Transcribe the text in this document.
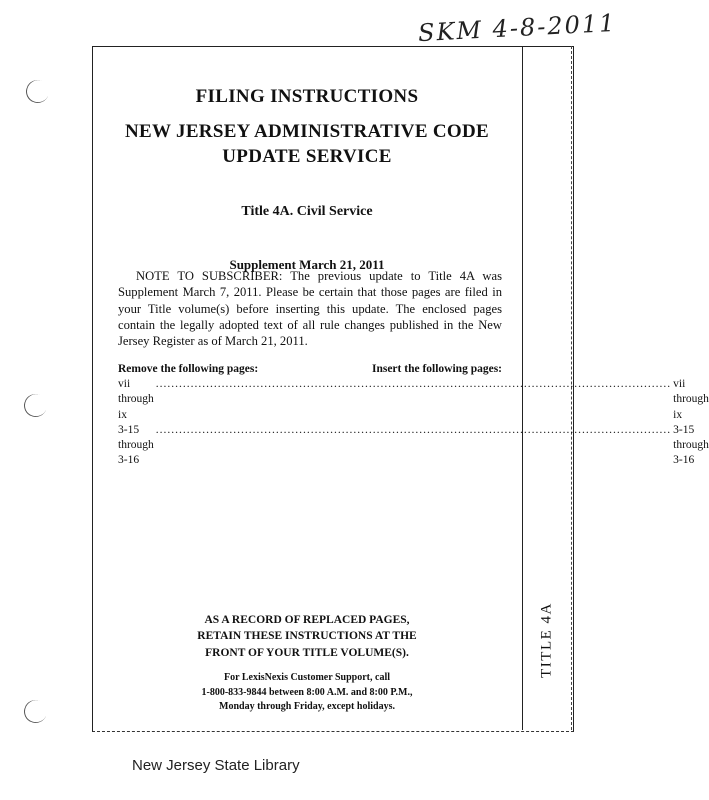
SKM 4-8-2011
TITLE 4A
FILING INSTRUCTIONS
NEW JERSEY ADMINISTRATIVE CODE
UPDATE SERVICE
Title 4A. Civil Service
Supplement March 21, 2011
NOTE TO SUBSCRIBER: The previous update to Title 4A was Supplement March 7, 2011. Please be certain that those pages are filed in your Title volume(s) before inserting this update. The enclosed pages contain the legally adopted text of all rule changes published in the New Jersey Register as of March 21, 2011.
Remove the following pages:	Insert the following pages:
vii through ix
..................................................................................................................................... vii through ix
3-15 through 3-16
..................................................................................................................................... 3-15 through 3-16
AS A RECORD OF REPLACED PAGES,
RETAIN THESE INSTRUCTIONS AT THE
FRONT OF YOUR TITLE VOLUME(S).
For LexisNexis Customer Support, call
1-800-833-9844 between 8:00 A.M. and 8:00 P.M.,
Monday through Friday, except holidays.
New Jersey State Library
